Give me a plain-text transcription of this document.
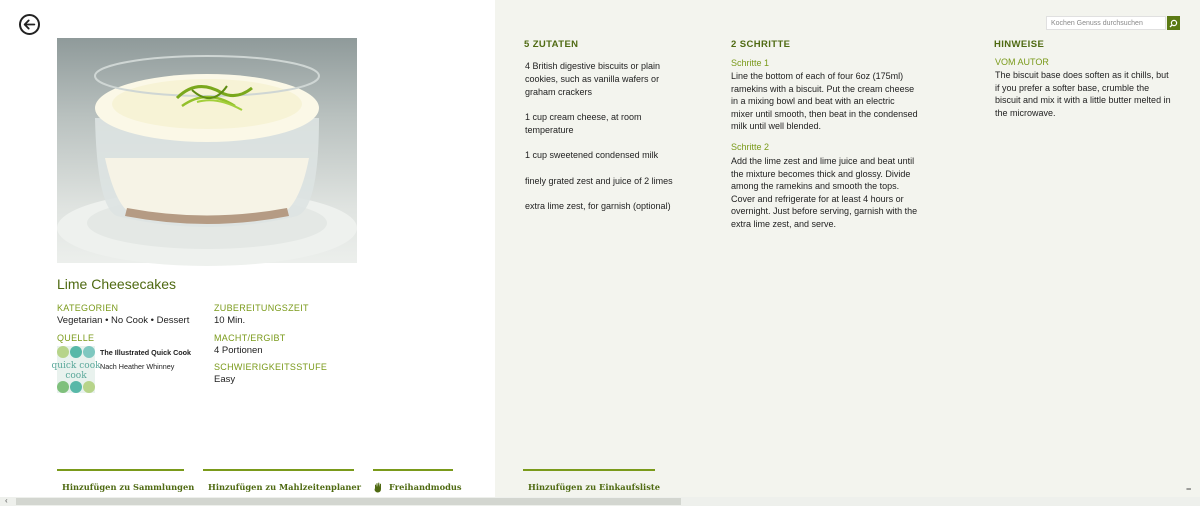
Lime Cheesecakes
KATEGORIEN
Vegetarian • No Cook • Dessert
QUELLE
quick cook
cook
The Illustrated Quick Cook
Nach Heather Whinney
ZUBEREITUNGSZEIT
10 Min.
MACHT/ERGIBT
4 Portionen
SCHWIERIGKEITSSTUFE
Easy
Hinzufügen zu Sammlungen Hinzufügen zu Mahlzeitenplaner	Freihandmodus	Hinzufügen zu Einkaufsliste
Kochen Genuss durchsuchen
5 ZUTATEN
4 British digestive biscuits or plain cookies, such as vanilla wafers or graham crackers
1 cup cream cheese, at room temperature
1 cup sweetened condensed milk
finely grated zest and juice of 2 limes
extra lime zest, for garnish (optional)
2 SCHRITTE
Schritte 1
Line the bottom of each of four 6oz (175ml) ramekins with a biscuit. Put the cream cheese in a mixing bowl and beat with an electric mixer until smooth, then beat in the condensed milk until well blended.
Schritte 2
Add the lime zest and lime juice and beat until the mixture becomes thick and glossy. Divide among the ramekins and smooth the tops. Cover and refrigerate for at least 4 hours or overnight. Just before serving, garnish with the extra lime zest, and serve.
HINWEISE
VOM AUTOR
The biscuit base does soften as it chills, but if you prefer a softer base, crumble the biscuit and mix it with a little butter melted in the microwave.
−
‹
